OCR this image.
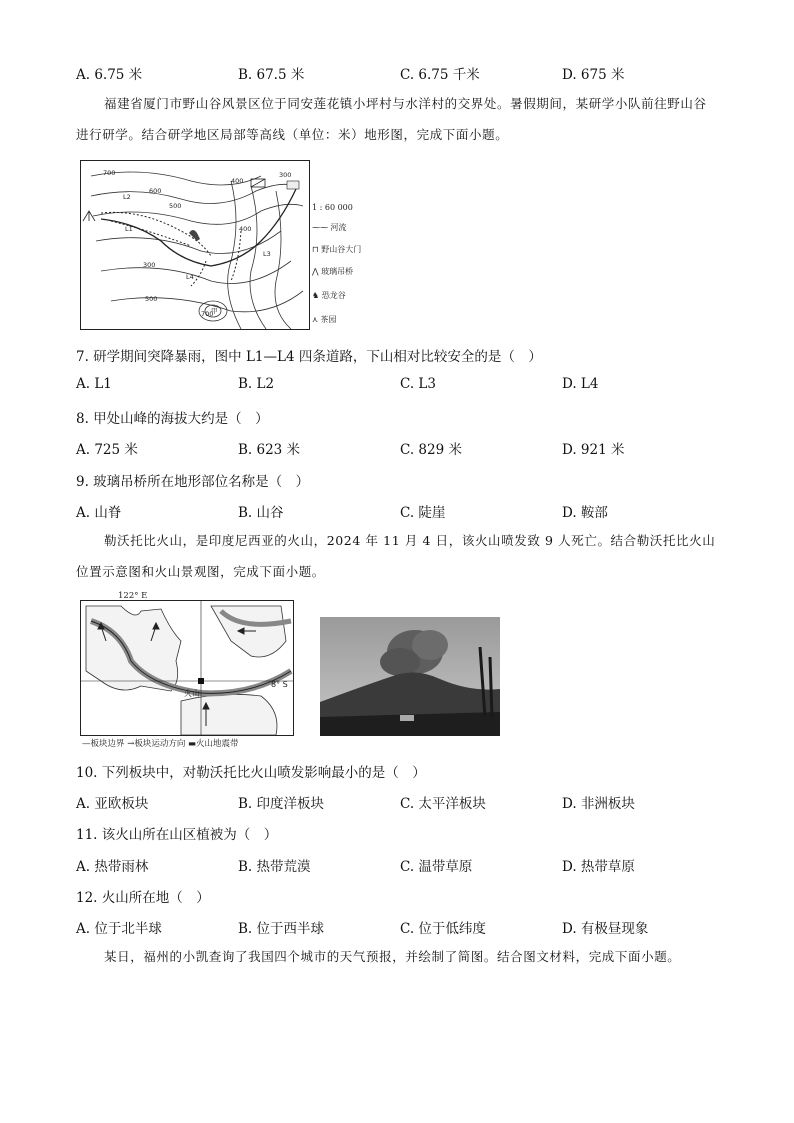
A. 6.75 米	B. 67.5 米	C. 6.75 千米	D. 675 米
福建省厦门市野山谷风景区位于同安莲花镇小坪村与水洋村的交界处。暑假期间，某研学小队前往野山谷进行研学。结合研学地区局部等高线（单位：米）地形图，完成下面小题。
700
600
500
400
300
400
300
500
700
甲
L2
L1
L4
L3
1 : 60 000
⁓⁓ 河流
⊓ 野山谷大门
⋀ 玻璃吊桥
♞ 恐龙谷
⋏ 茶园
7. 研学期间突降暴雨，图中 L1—L4 四条道路，下山相对比较安全的是（　）
A. L1	B. L2	C. L3	D. L4
8. 甲处山峰的海拔大约是（　）
A. 725 米	B. 623 米	C. 829 米	D. 921 米
9. 玻璃吊桥所在地形部位名称是（　）
A. 山脊	B. 山谷	C. 陡崖	D. 鞍部
勒沃托比火山，是印度尼西亚的火山，2024 年 11 月 4 日，该火山喷发致 9 人死亡。结合勒沃托比火山位置示意图和火山景观图，完成下面小题。
8° S
火山
122° E
—板块边界 →板块运动方向 ▬火山地震带
10. 下列板块中，对勒沃托比火山喷发影响最小的是（　）
A. 亚欧板块	B. 印度洋板块	C. 太平洋板块	D. 非洲板块
11. 该火山所在山区植被为（　）
A. 热带雨林	B. 热带荒漠	C. 温带草原	D. 热带草原
12. 火山所在地（　）
A. 位于北半球	B. 位于西半球	C. 位于低纬度	D. 有极昼现象
某日，福州的小凯查询了我国四个城市的天气预报，并绘制了简图。结合图文材料，完成下面小题。
